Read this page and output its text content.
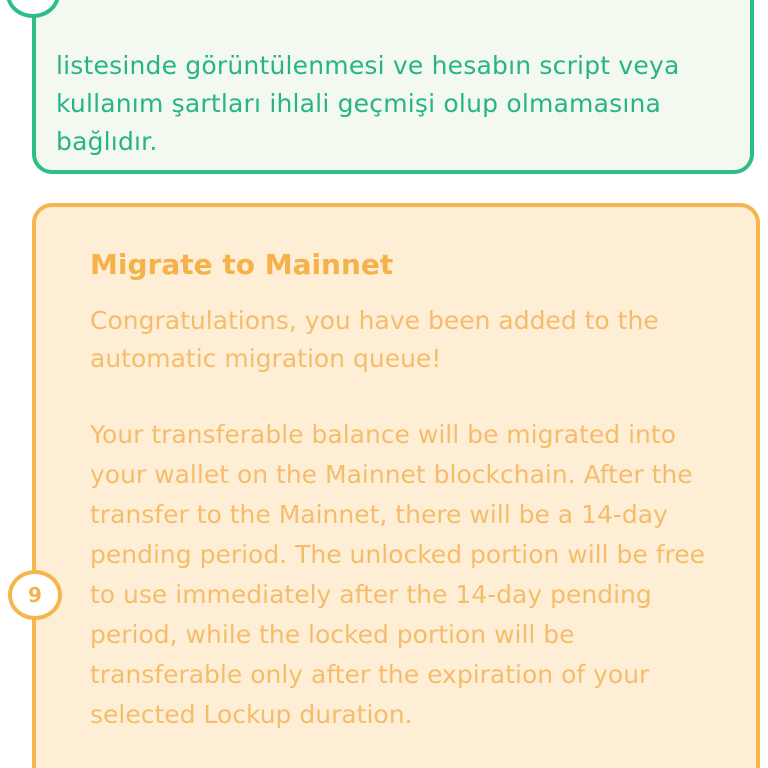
listesinde görüntülenmesi ve hesabın script veya kullanım şartları ihlali geçmişi olup olmamasına bağlıdır.
Migrate to Mainnet
Congratulations, you have been added to the automatic migration queue!
Your transferable balance will be migrated into your wallet on the Mainnet blockchain. After the transfer to the Mainnet, there will be a 14-day pending period. The unlocked portion will be free to use immediately after the 14-day pending period, while the locked portion will be transferable only after the expiration of your selected Lockup duration.
9
